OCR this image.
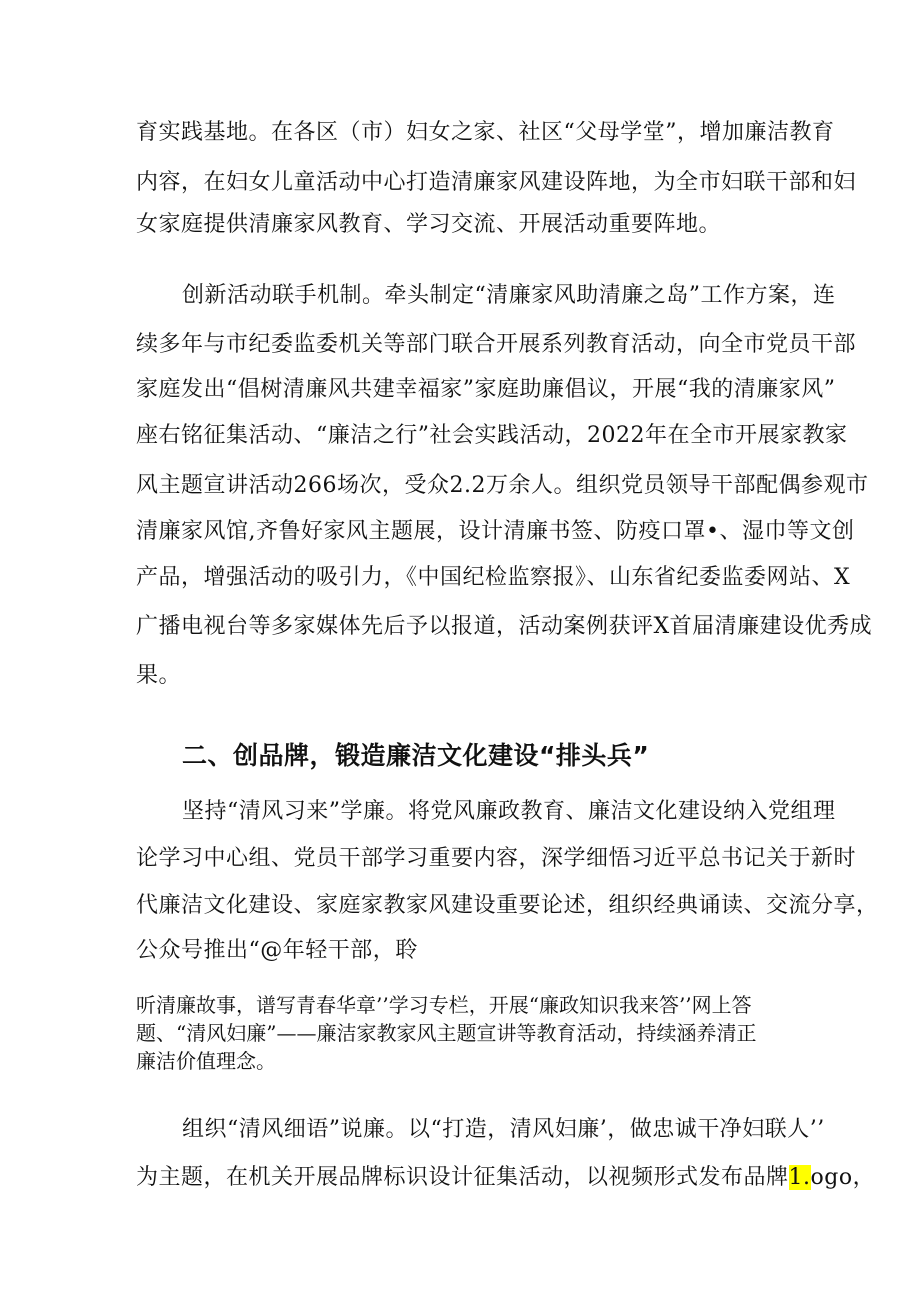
育实践基地。在各区（市）妇女之家、社区“父母学堂”，增加廉洁教育
内容，在妇女儿童活动中心打造清廉家风建设阵地，为全市妇联干部和妇
女家庭提供清廉家风教育、学习交流、开展活动重要阵地。
创新活动联手机制。牵头制定“清廉家风助清廉之岛”工作方案，连
续多年与市纪委监委机关等部门联合开展系列教育活动，向全市党员干部
家庭发出“倡树清廉风共建幸福家”家庭助廉倡议，开展“我的清廉家风”
座右铭征集活动、“廉洁之行”社会实践活动，2022年在全市开展家教家
风主题宣讲活动266场次，受众2.2万余人。组织党员领导干部配偶参观市
清廉家风馆,齐鲁好家风主题展，设计清廉书签、防疫口罩•、湿巾等文创
产品，增强活动的吸引力，《中国纪检监察报》、山东省纪委监委网站、X
广播电视台等多家媒体先后予以报道，活动案例获评X首届清廉建设优秀成
果。
二、创品牌，锻造廉洁文化建设“排头兵”
坚持“清风习来”学廉。将党风廉政教育、廉洁文化建设纳入党组理
论学习中心组、党员干部学习重要内容，深学细悟习近平总书记关于新时
代廉洁文化建设、家庭家教家风建设重要论述，组织经典诵读、交流分享，
公众号推出“@年轻干部，聆
听清廉故事，谱写青春华章’’学习专栏，开展“廉政知识我来答’’网上答
题、“清风妇廉”——廉洁家教家风主题宣讲等教育活动，持续涵养清正
廉洁价值理念。
组织“清风细语”说廉。以“打造，清风妇廉’，做忠诚干净妇联人’’
为主题，在机关开展品牌标识设计征集活动，以视频形式发布品牌1.ogo，
